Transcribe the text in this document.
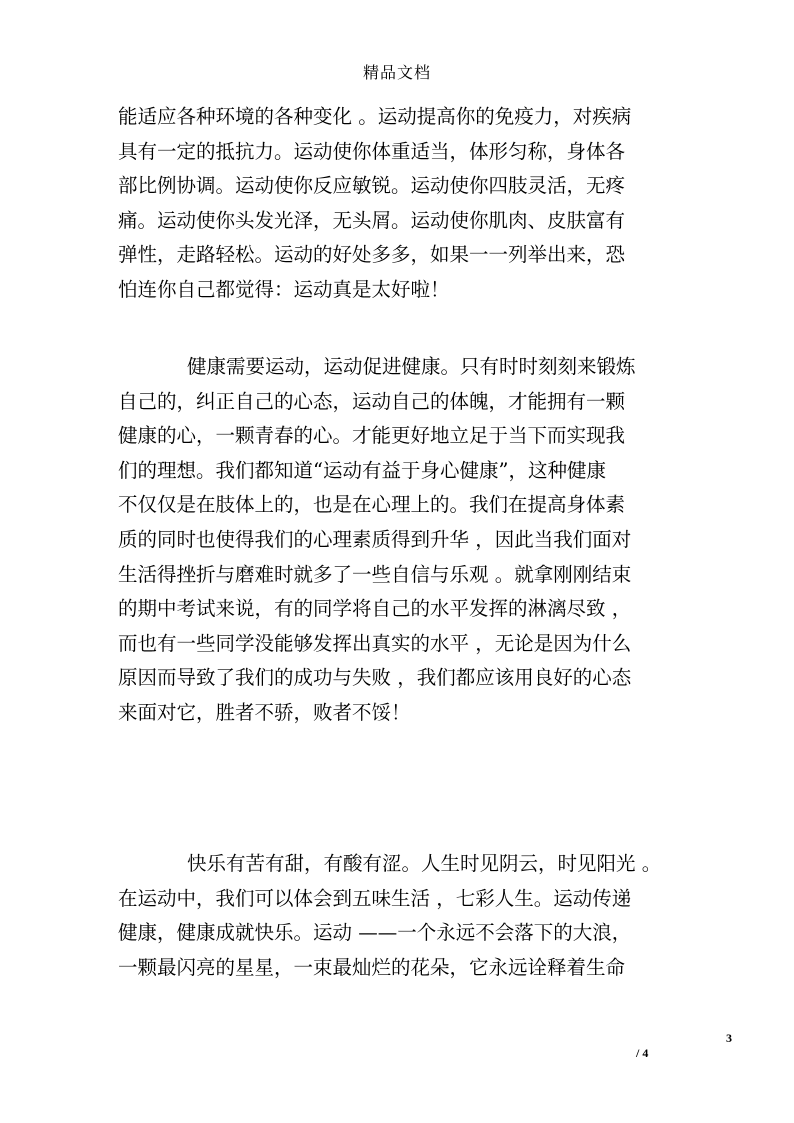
精品文档
能适应各种环境的各种变化 。运动提高你的免疫力，对疾病
具有一定的抵抗力。运动使你体重适当，体形匀称，身体各
部比例协调。运动使你反应敏锐。运动使你四肢灵活，无疼
痛。运动使你头发光泽，无头屑。运动使你肌肉、皮肤富有
弹性，走路轻松。运动的好处多多，如果一一列举出来，恐
怕连你自己都觉得：运动真是太好啦！
健康需要运动，运动促进健康。只有时时刻刻来锻炼
自己的，纠正自己的心态，运动自己的体魄，才能拥有一颗
健康的心，一颗青春的心。才能更好地立足于当下而实现我
们的理想。我们都知道“运动有益于身心健康”，这种健康
不仅仅是在肢体上的，也是在心理上的。我们在提高身体素
质的同时也使得我们的心理素质得到升华 ，因此当我们面对
生活得挫折与磨难时就多了一些自信与乐观 。就拿刚刚结束
的期中考试来说，有的同学将自己的水平发挥的淋漓尽致 ，
而也有一些同学没能够发挥出真实的水平 ，无论是因为什么
原因而导致了我们的成功与失败 ，我们都应该用良好的心态
来面对它，胜者不骄，败者不馁！
快乐有苦有甜，有酸有涩。人生时见阴云，时见阳光 。
在运动中，我们可以体会到五味生活 ，七彩人生。运动传递
健康，健康成就快乐。运动 ——一个永远不会落下的大浪，
一颗最闪亮的星星，一束最灿烂的花朵，它永远诠释着生命
3
/ 4
